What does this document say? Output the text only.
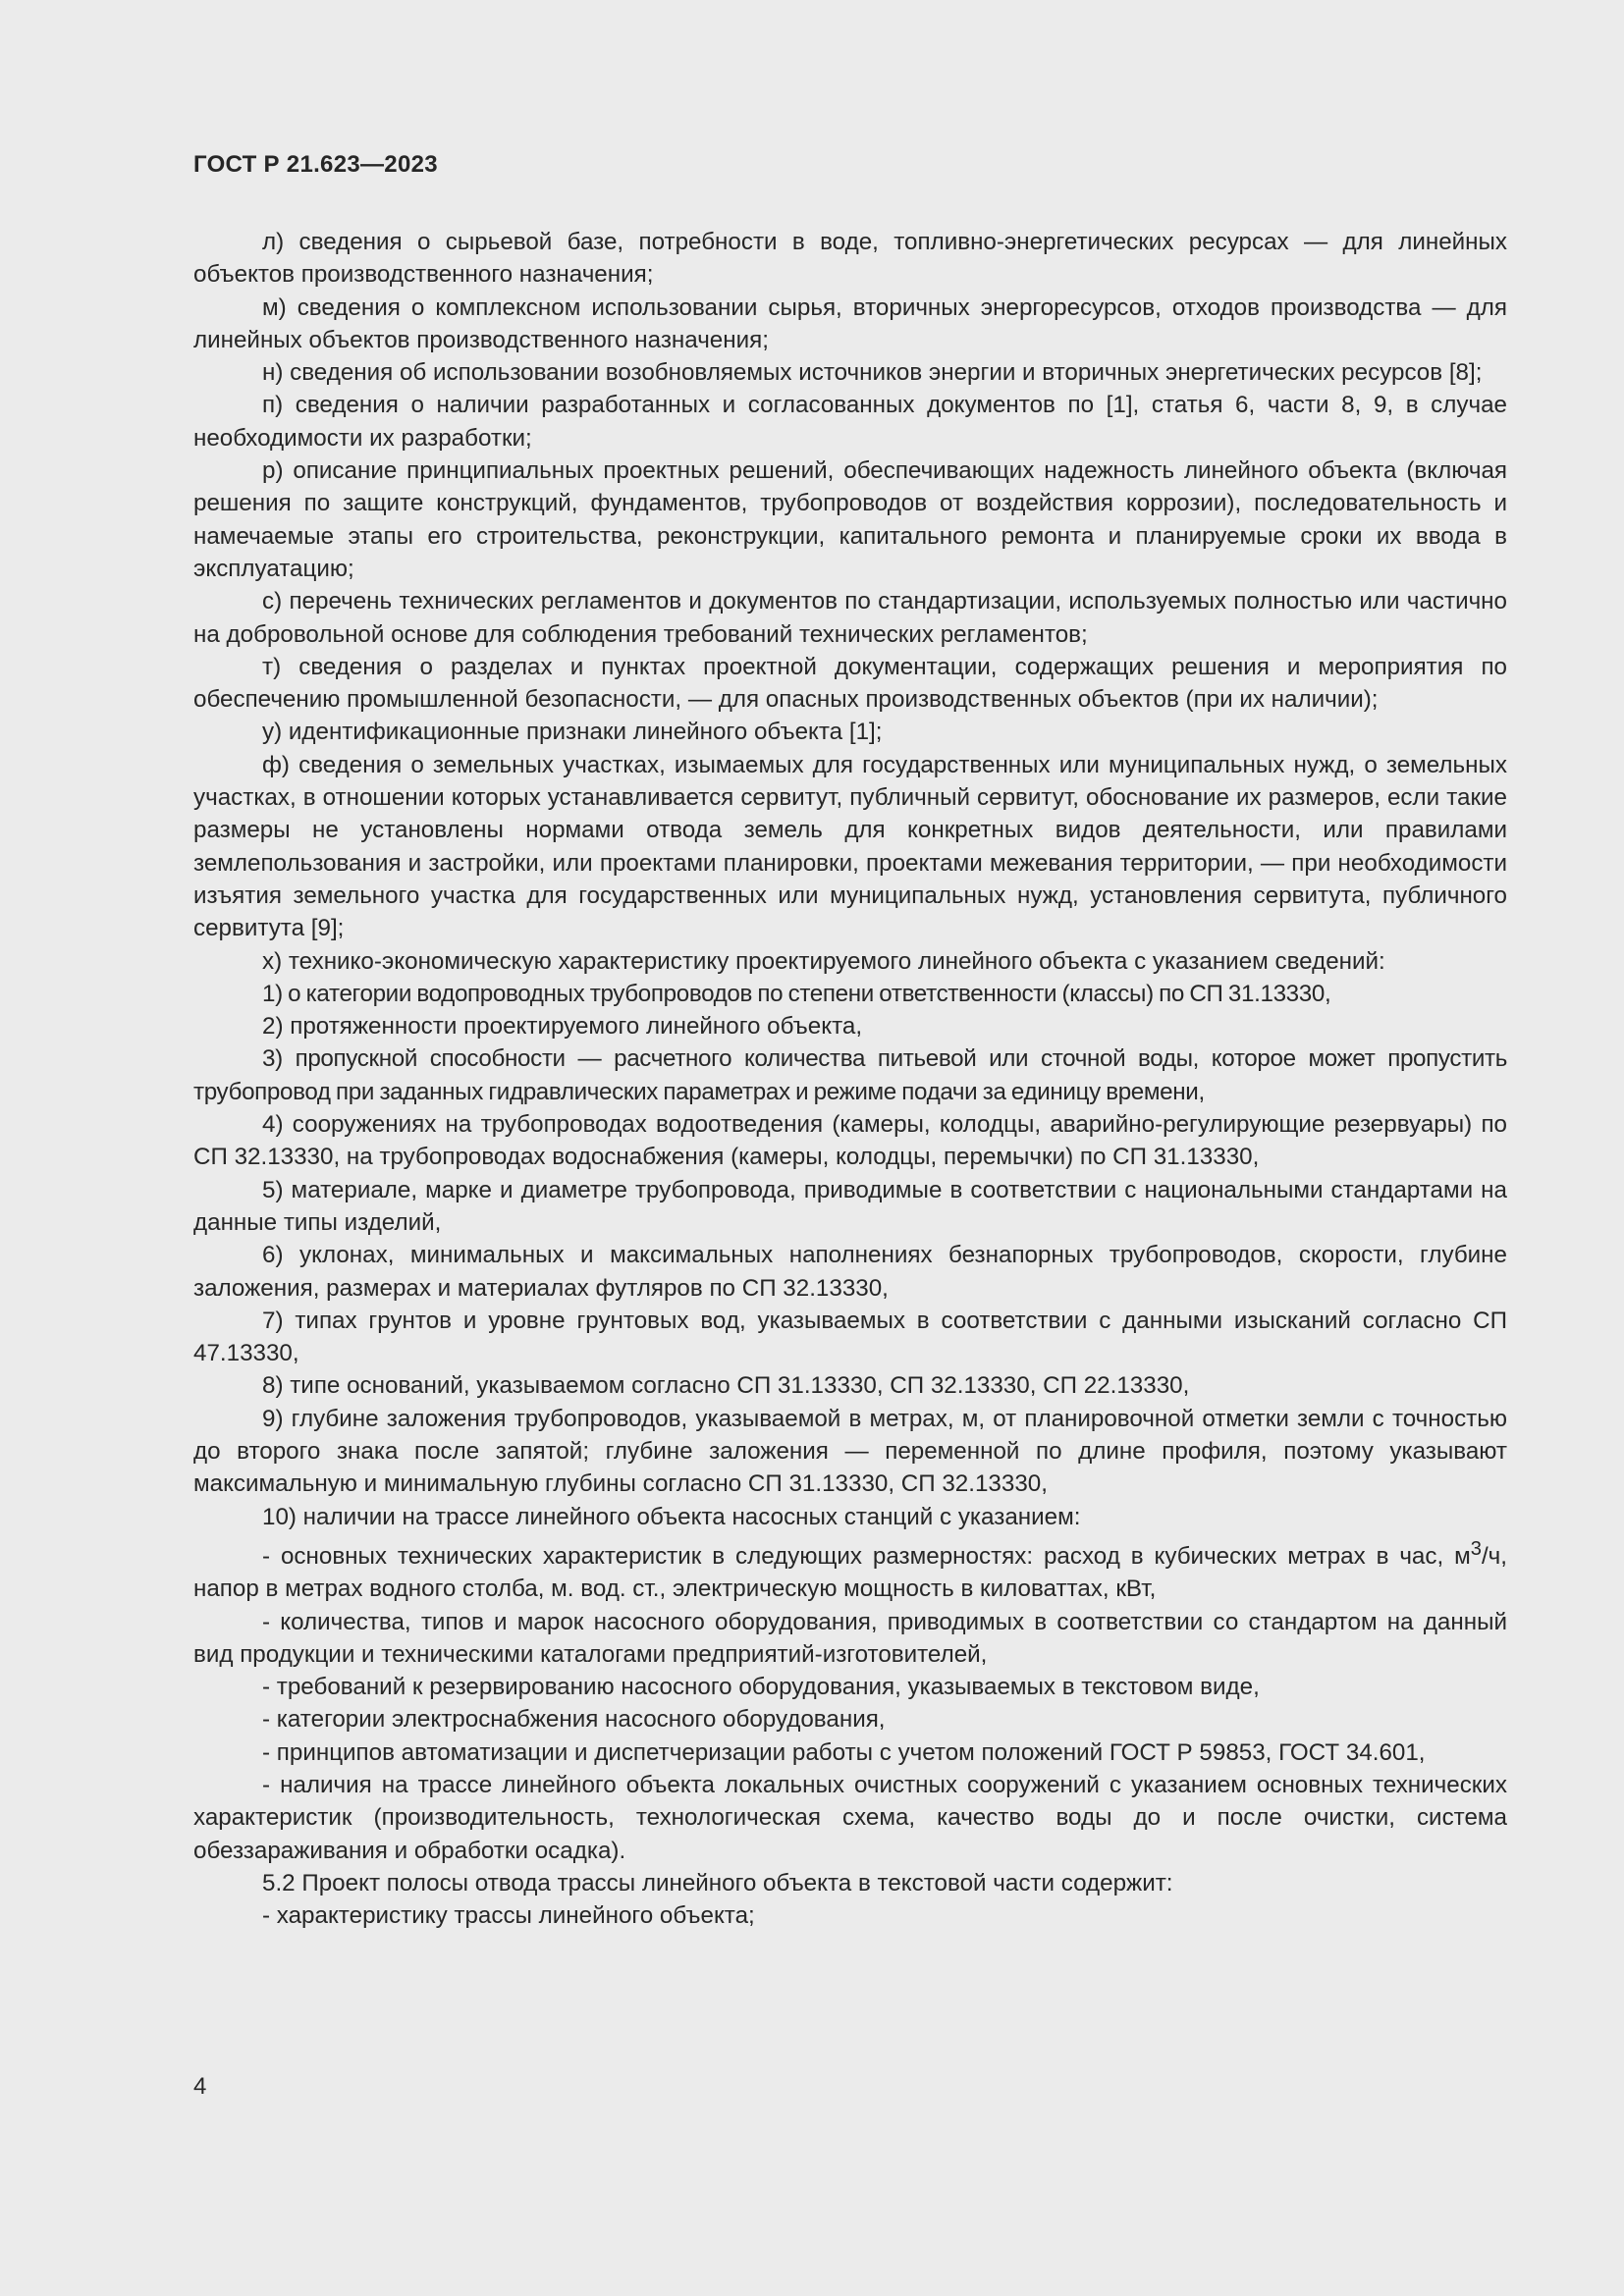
ГОСТ Р 21.623—2023

л) сведения о сырьевой базе, потребности в воде, топливно-энергетических ресурсах — для линейных объектов производственного назначения;

м) сведения о комплексном использовании сырья, вторичных энергоресурсов, отходов производства — для линейных объектов производственного назначения;

н) сведения об использовании возобновляемых источников энергии и вторичных энергетических ресурсов [8];

п) сведения о наличии разработанных и согласованных документов по [1], статья 6, части 8, 9, в случае необходимости их разработки;

р) описание принципиальных проектных решений, обеспечивающих надежность линейного объекта (включая решения по защите конструкций, фундаментов, трубопроводов от воздействия коррозии), последовательность и намечаемые этапы его строительства, реконструкции, капитального ремонта и планируемые сроки их ввода в эксплуатацию;

с) перечень технических регламентов и документов по стандартизации, используемых полностью или частично на добровольной основе для соблюдения требований технических регламентов;

т) сведения о разделах и пунктах проектной документации, содержащих решения и мероприятия по обеспечению промышленной безопасности, — для опасных производственных объектов (при их наличии);

у) идентификационные признаки линейного объекта [1];

ф) сведения о земельных участках, изымаемых для государственных или муниципальных нужд, о земельных участках, в отношении которых устанавливается сервитут, публичный сервитут, обоснование их размеров, если такие размеры не установлены нормами отвода земель для конкретных видов деятельности, или правилами землепользования и застройки, или проектами планировки, проектами межевания территории, — при необходимости изъятия земельного участка для государственных или муниципальных нужд, установления сервитута, публичного сервитута [9];

х) технико-экономическую характеристику проектируемого линейного объекта с указанием сведений:

1) о категории водопроводных трубопроводов по степени ответственности (классы) по СП 31.13330,

2) протяженности проектируемого линейного объекта,

3) пропускной способности — расчетного количества питьевой или сточной воды, которое может пропустить трубопровод при заданных гидравлических параметрах и режиме подачи за единицу времени,

4) сооружениях на трубопроводах водоотведения (камеры, колодцы, аварийно-регулирующие резервуары) по СП 32.13330, на трубопроводах водоснабжения (камеры, колодцы, перемычки) по СП 31.13330,

5) материале, марке и диаметре трубопровода, приводимые в соответствии с национальными стандартами на данные типы изделий,

6) уклонах, минимальных и максимальных наполнениях безнапорных трубопроводов, скорости, глубине заложения, размерах и материалах футляров по СП 32.13330,

7) типах грунтов и уровне грунтовых вод, указываемых в соответствии с данными изысканий согласно СП 47.13330,

8) типе оснований, указываемом согласно СП 31.13330, СП 32.13330, СП 22.13330,

9) глубине заложения трубопроводов, указываемой в метрах, м, от планировочной отметки земли с точностью до второго знака после запятой; глубине заложения — переменной по длине профиля, поэтому указывают максимальную и минимальную глубины согласно СП 31.13330, СП 32.13330,

10) наличии на трассе линейного объекта насосных станций с указанием:

- основных технических характеристик в следующих размерностях: расход в кубических метрах в час, $м^3/ч$, напор в метрах водного столба, м. вод. ст., электрическую мощность в киловаттах, кВт,

- количества, типов и марок насосного оборудования, приводимых в соответствии со стандартом на данный вид продукции и техническими каталогами предприятий-изготовителей,

- требований к резервированию насосного оборудования, указываемых в текстовом виде,

- категории электроснабжения насосного оборудования,

- принципов автоматизации и диспетчеризации работы с учетом положений ГОСТ Р 59853, ГОСТ 34.601,

- наличия на трассе линейного объекта локальных очистных сооружений с указанием основных технических характеристик (производительность, технологическая схема, качество воды до и после очистки, система обеззараживания и обработки осадка).

5.2 Проект полосы отвода трассы линейного объекта в текстовой части содержит:

- характеристику трассы линейного объекта;

4
